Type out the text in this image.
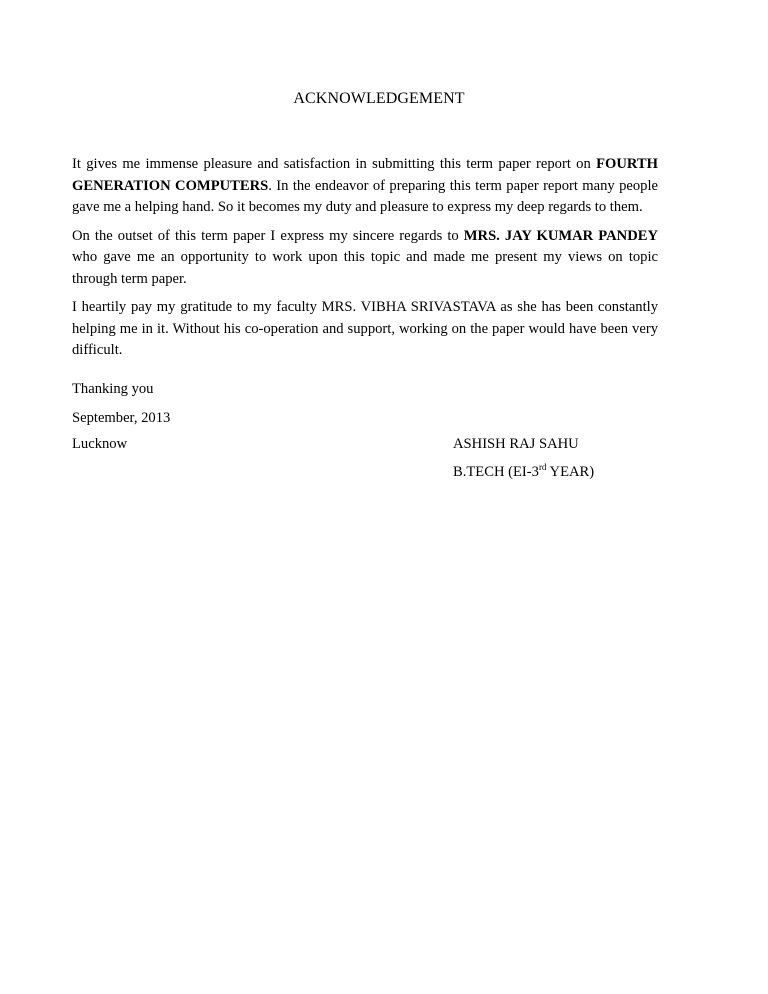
ACKNOWLEDGEMENT

It gives me immense pleasure and satisfaction in submitting this term paper report on FOURTH GENERATION COMPUTERS. In the endeavor of preparing this term paper report many people gave me a helping hand. So it becomes my duty and pleasure to express my deep regards to them.

On the outset of this term paper I express my sincere regards to MRS. JAY KUMAR PANDEY who gave me an opportunity to work upon this topic and made me present my views on topic through term paper.

I heartily pay my gratitude to my faculty MRS. VIBHA SRIVASTAVA as she has been constantly helping me in it. Without his co-operation and support, working on the paper would have been very difficult.

Thanking you
September, 2013
Lucknow	ASHISH RAJ SAHU
B.TECH (EI-3rd YEAR)
